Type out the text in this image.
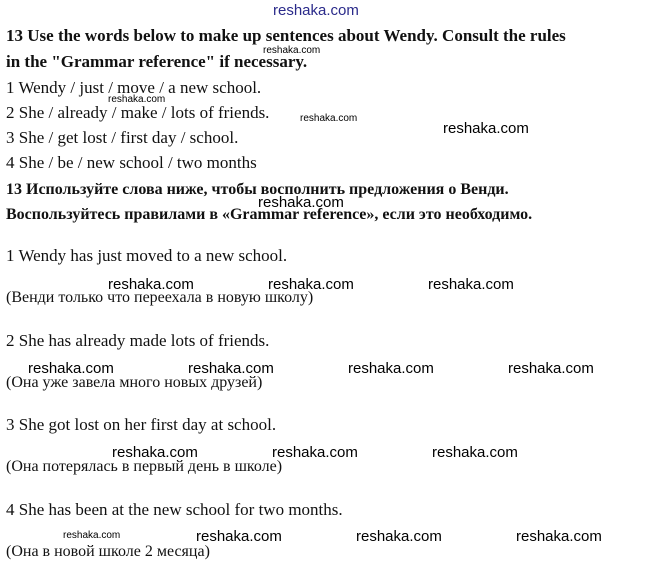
reshaka.com
13 Use the words below to make up sentences about Wendy. Consult the rules
in the "Grammar reference" if necessary.
reshaka.com
1 Wendy / just / move / a new school.
reshaka.com
2 She / already / make / lots of friends.	reshaka.com
3 She / get lost / first day / school.	reshaka.com
4 She / be / new school / two months
13 Используйте слова ниже, чтобы восполнить предложения о Венди.
reshaka.com
Воспользуйтесь правилами в «Grammar reference», если это необходимо.
1 Wendy has just moved to a new school.
reshaka.com	reshaka.com	reshaka.com
(Венди только что переехала в новую школу)
2 She has already made lots of friends.
reshaka.com	reshaka.com	reshaka.com	reshaka.com
(Она уже завела много новых друзей)
3 She got lost on her first day at school.
reshaka.com	reshaka.com	reshaka.com
(Она потерялась в первый день в школе)
4 She has been at the new school for two months.
reshaka.com	reshaka.com	reshaka.com	reshaka.com
(Она в новой школе 2 месяца)
